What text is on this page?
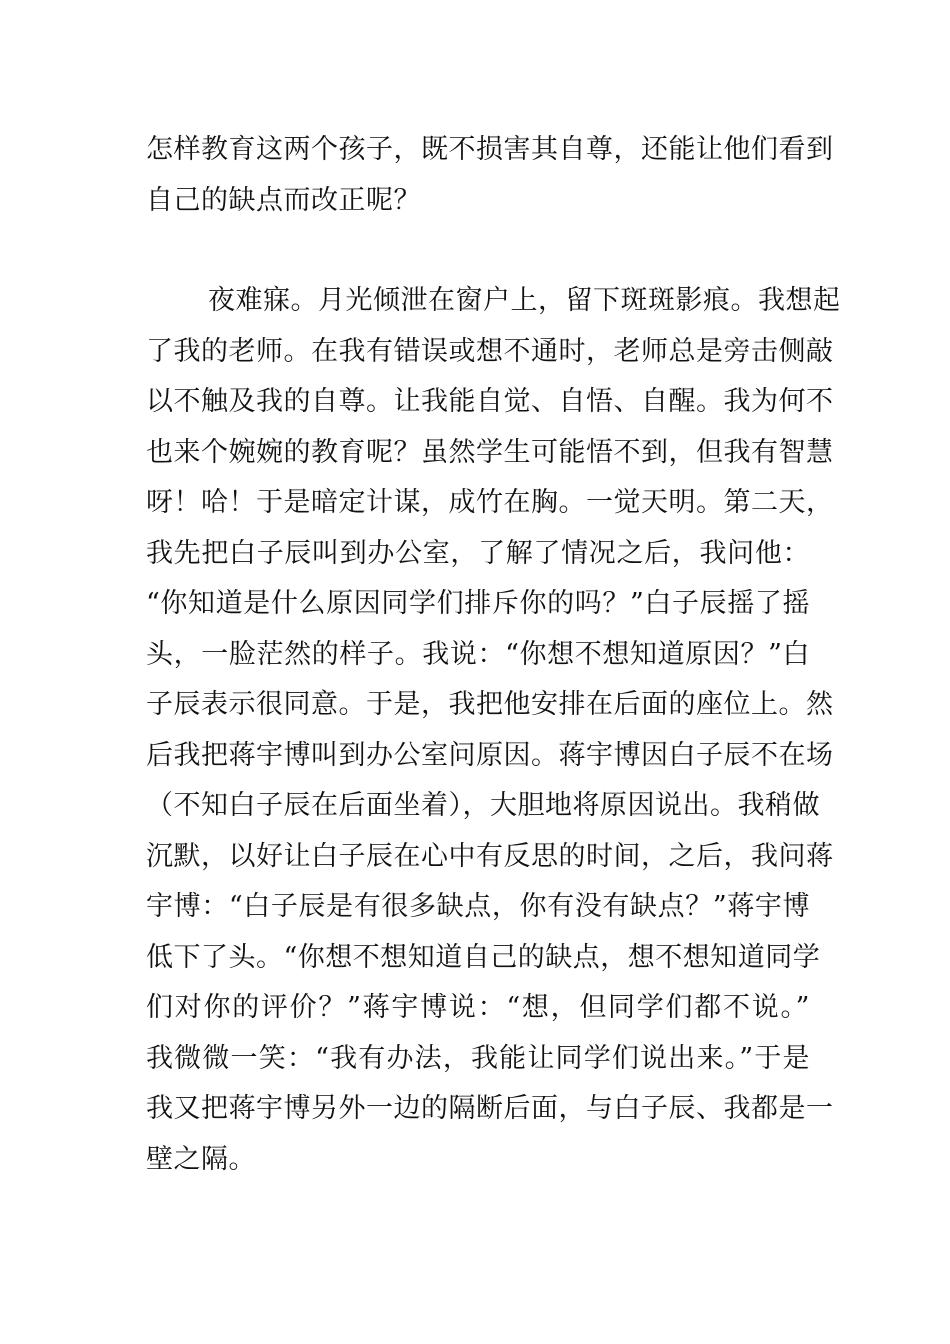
怎样教育这两个孩子，既不损害其自尊，还能让他们看到
自己的缺点而改正呢？
夜难寐。月光倾泄在窗户上，留下斑斑影痕。我想起
了我的老师。在我有错误或想不通时，老师总是旁击侧敲
以不触及我的自尊。让我能自觉、自悟、自醒。我为何不
也来个婉婉的教育呢？虽然学生可能悟不到，但我有智慧
呀！哈！于是暗定计谋，成竹在胸。一觉天明。第二天，
我先把白子辰叫到办公室，了解了情况之后，我问他：
“你知道是什么原因同学们排斥你的吗？”白子辰摇了摇
头，一脸茫然的样子。我说：“你想不想知道原因？”白
子辰表示很同意。于是，我把他安排在后面的座位上。然
后我把蒋宇博叫到办公室问原因。蒋宇博因白子辰不在场
（不知白子辰在后面坐着），大胆地将原因说出。我稍做
沉默，以好让白子辰在心中有反思的时间，之后，我问蒋
宇博：“白子辰是有很多缺点，你有没有缺点？”蒋宇博
低下了头。“你想不想知道自己的缺点，想不想知道同学
们对你的评价？”蒋宇博说：“想，但同学们都不说。”
我微微一笑：“我有办法，我能让同学们说出来。”于是
我又把蒋宇博另外一边的隔断后面，与白子辰、我都是一
壁之隔。
